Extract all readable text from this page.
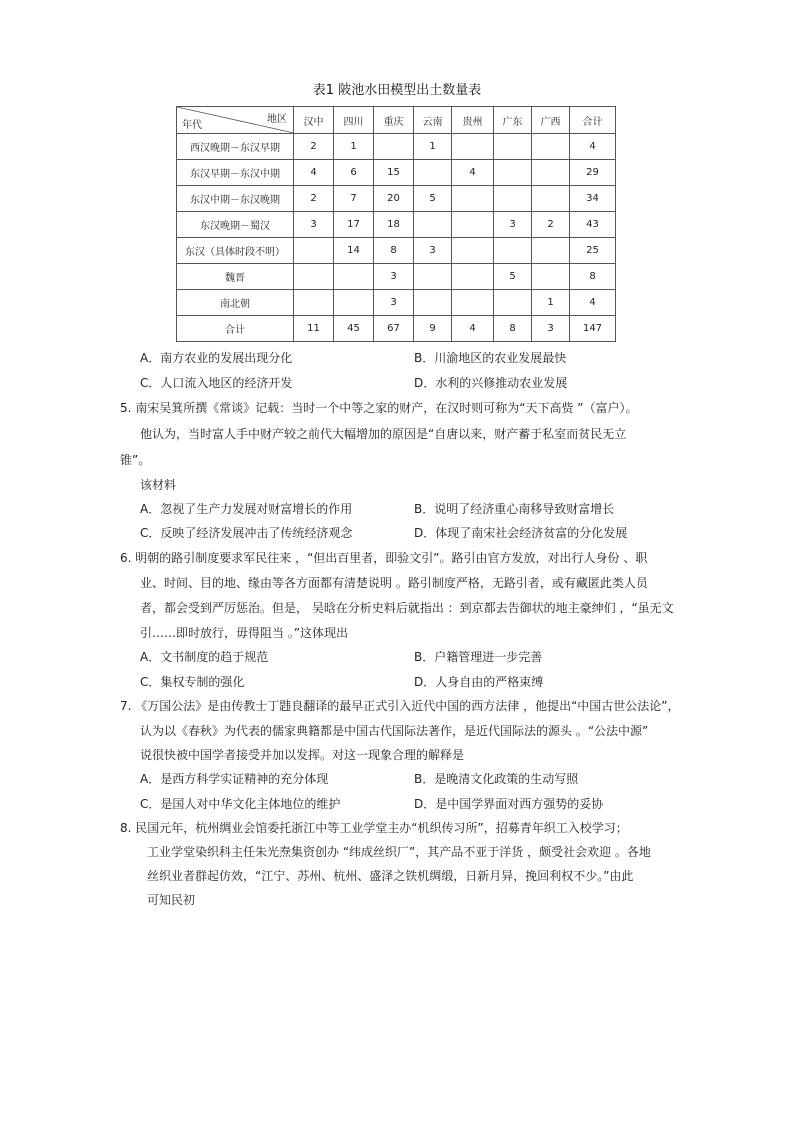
表1 陂池水田模型出土数量表
年代
地区	汉中	四川	重庆	云南	贵州	广东	广西	合计
西汉晚期－东汉早期	2	1		1				4
东汉早期－东汉中期	4	6	15		4			29
东汉中期－东汉晚期	2	7	20	5				34
东汉晚期－蜀汉	3	17	18			3	2	43
东汉（具体时段不明）		14	8	3				25
魏晋			3			5		8
南北朝			3				1	4
合计	11	45	67	9	4	8	3	147
A．南方农业的发展出现分化	B．川渝地区的农业发展最快
C．人口流入地区的经济开发	D．水利的兴修推动农业发展
5. 南宋吴箕所撰《常谈》记载：当时一个中等之家的财产，在汉时则可称为“天下高赀 ”（富户）。
他认为，当时富人手中财产较之前代大幅增加的原因是“自唐以来，财产蓄于私室而贫民无立
锥”。
该材料
A．忽视了生产力发展对财富增长的作用	B．说明了经济重心南移导致财富增长
C．反映了经济发展冲击了传统经济观念	D．体现了南宋社会经济贫富的分化发展
6. 明朝的路引制度要求军民往来 ，“但出百里者，即验文引”。路引由官方发放，对出行人身份 、职
业、时间、目的地、缘由等各方面都有清楚说明 。路引制度严格，无路引者，或有藏匿此类人员
者，都会受到严厉惩治。但是， 吴晗在分析史料后就指出 ：到京都去告御状的地主豪绅们 ，“虽无文
引……即时放行，毋得阻当 。”这体现出
A．文书制度的趋于规范	B．户籍管理进一步完善
C．集权专制的强化	D．人身自由的严格束缚
7. 《万国公法》是由传教士丁韪良翻译的最早正式引入近代中国的西方法律 ，他提出“中国古世公法论”，
认为以《春秋》为代表的儒家典籍都是中国古代国际法著作，是近代国际法的源头 。“公法中源”
说很快被中国学者接受并加以发挥。对这一现象合理的解释是
A．是西方科学实证精神的充分体现	B．是晚清文化政策的生动写照
C．是国人对中华文化主体地位的维护	D．是中国学界面对西方强势的妥协
8. 民国元年，杭州绸业会馆委托浙江中等工业学堂主办“机织传习所”，招募青年织工入校学习；
工业学堂染织科主任朱光焘集资创办 “纬成丝织厂”，其产品不亚于洋货 ，颇受社会欢迎 。各地
丝织业者群起仿效，“江宁、苏州、杭州、盛泽之铁机绸缎，日新月异，挽回利权不少。”由此
可知民初
